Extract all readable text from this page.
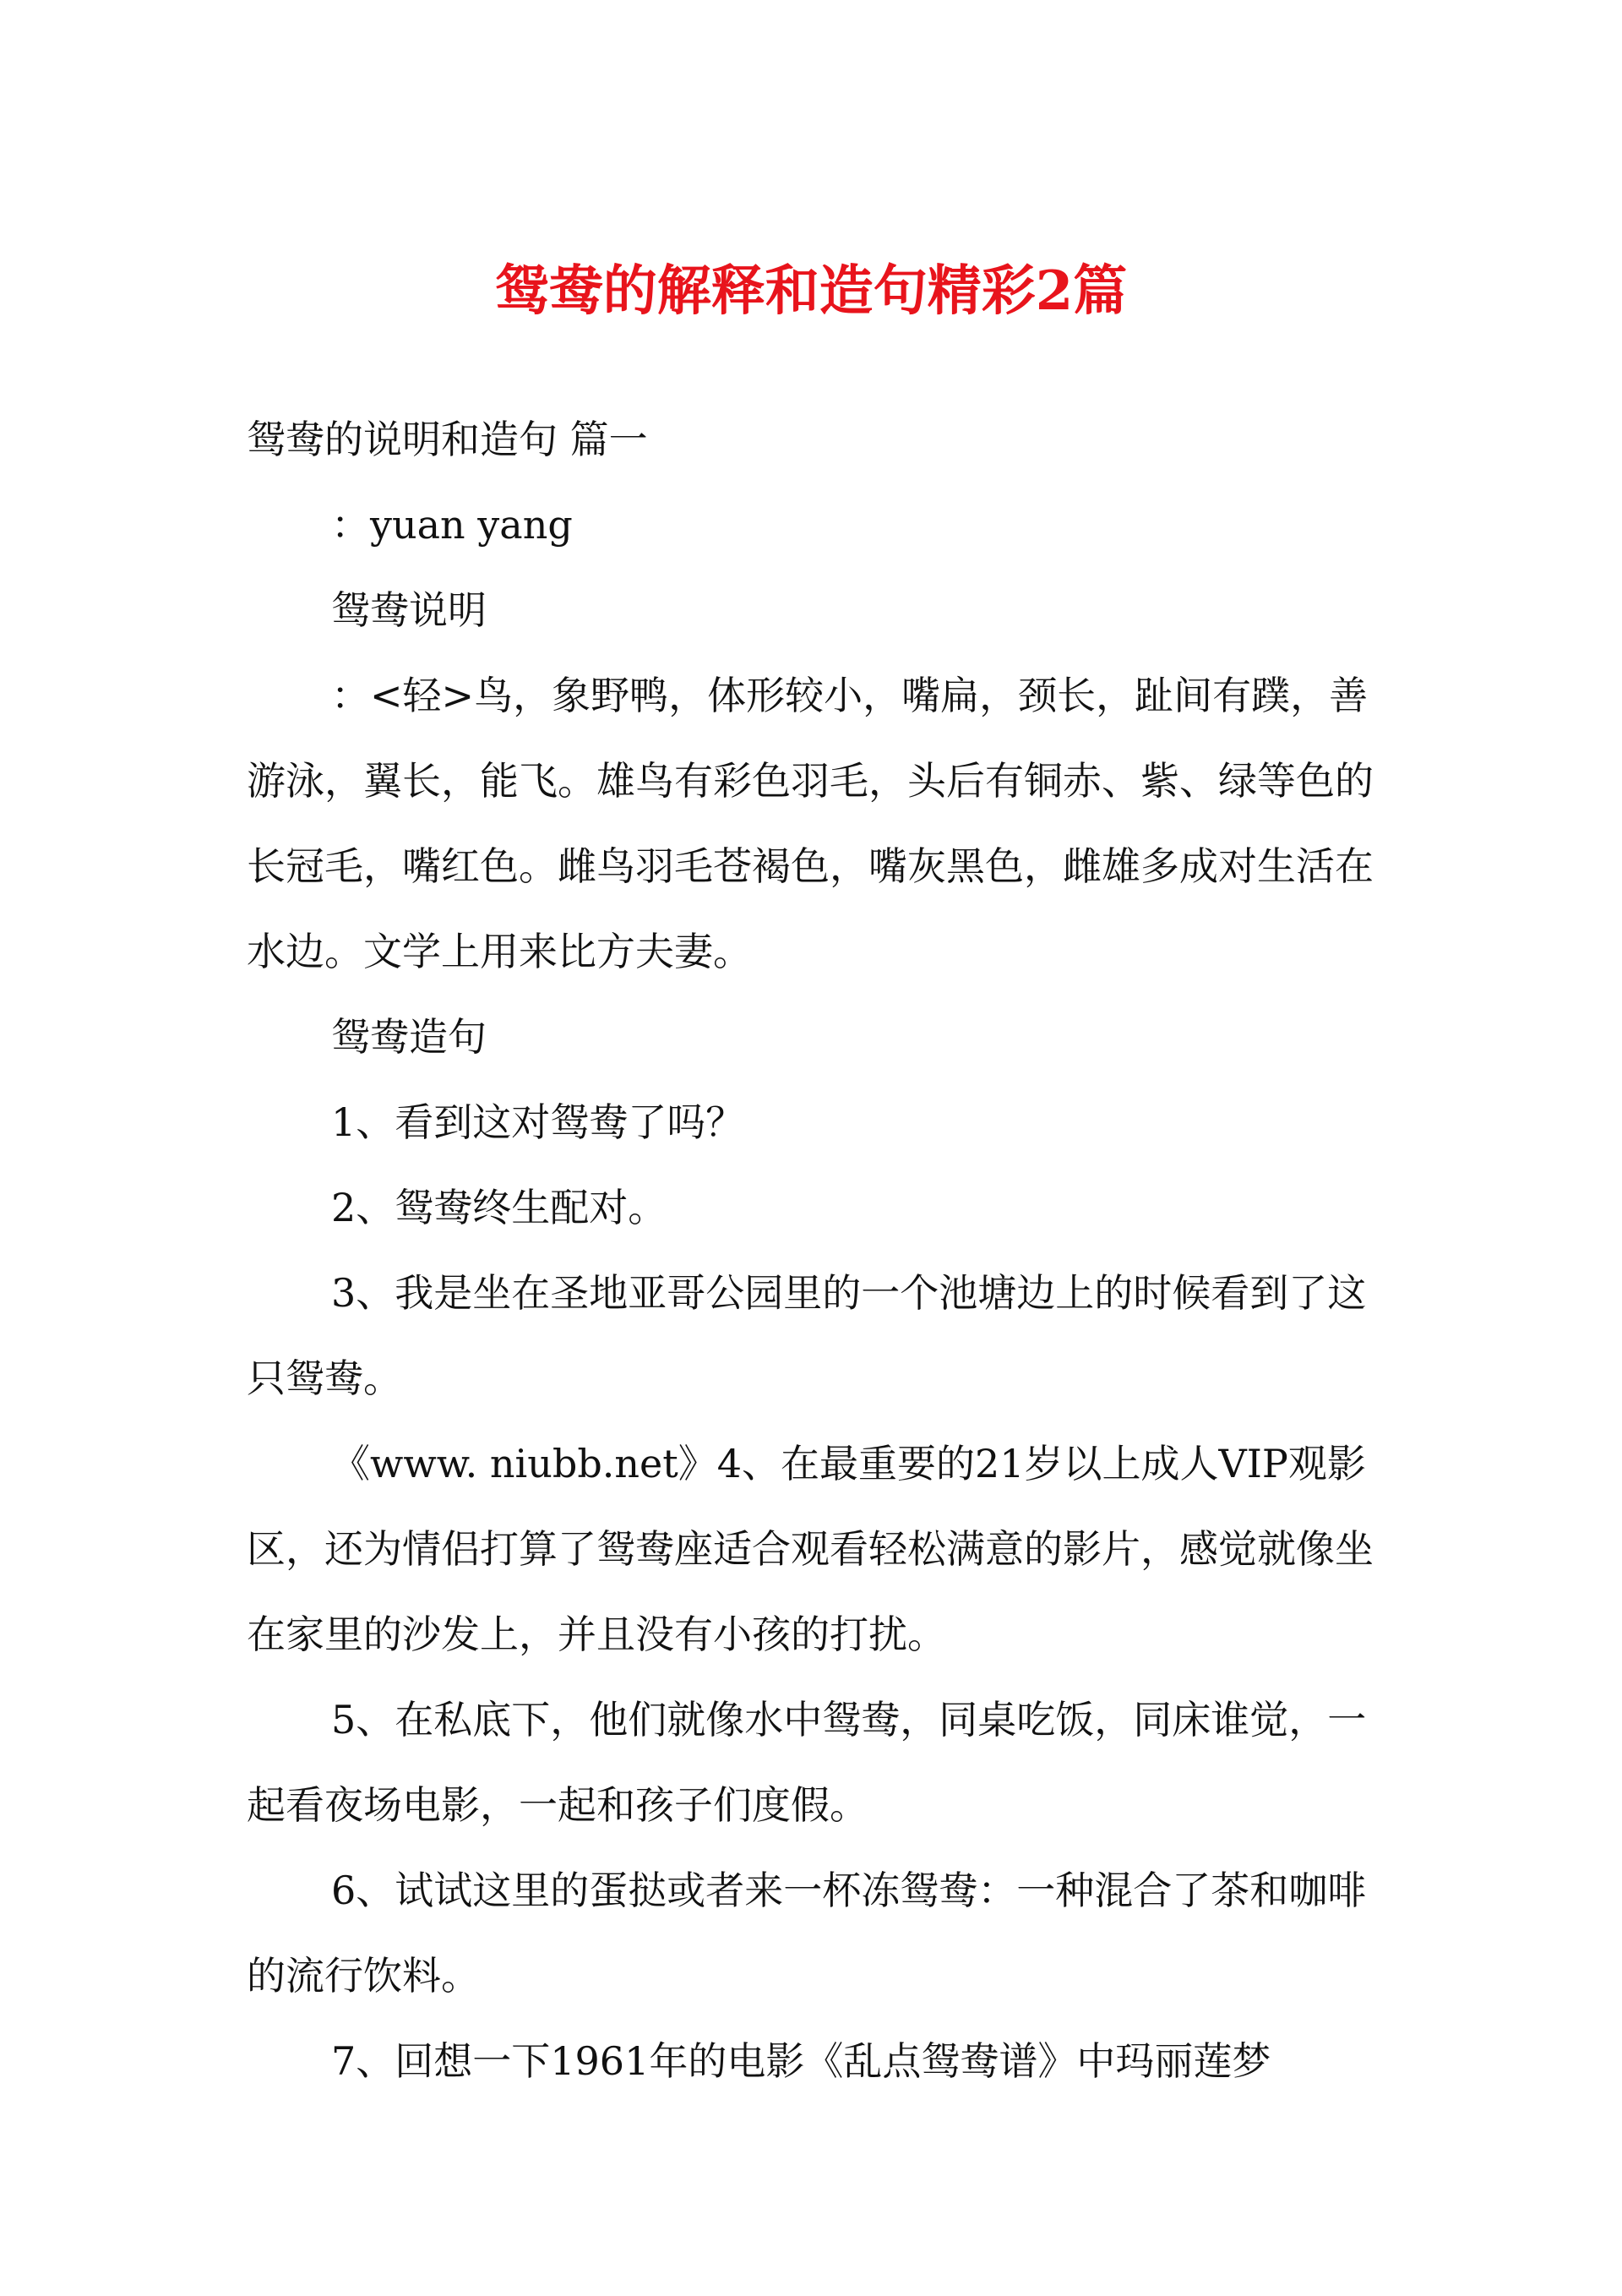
鸳鸯的解释和造句精彩2篇

鸳鸯的说明和造句 篇一

：yuan yang

鸳鸯说明

：<轻>鸟，象野鸭，体形较小，嘴扁，颈长，趾间有蹼，善游泳，翼长，能飞。雄鸟有彩色羽毛，头后有铜赤、紫、绿等色的长冠毛，嘴红色。雌鸟羽毛苍褐色，嘴灰黑色，雌雄多成对生活在水边。文学上用来比方夫妻。

鸳鸯造句

1、看到这对鸳鸯了吗？

2、鸳鸯终生配对。

3、我是坐在圣地亚哥公园里的一个池塘边上的时候看到了这只鸳鸯。

《www. niubb.net》4、在最重要的21岁以上成人VIP观影区，还为情侣打算了鸳鸯座适合观看轻松满意的影片，感觉就像坐在家里的沙发上，并且没有小孩的打扰。

5、在私底下，他们就像水中鸳鸯，同桌吃饭，同床谁觉，一起看夜场电影，一起和孩子们度假。

6、试试这里的蛋挞或者来一杯冻鸳鸯：一种混合了茶和咖啡的流行饮料。

7、回想一下1961年的电影《乱点鸳鸯谱》中玛丽莲梦
